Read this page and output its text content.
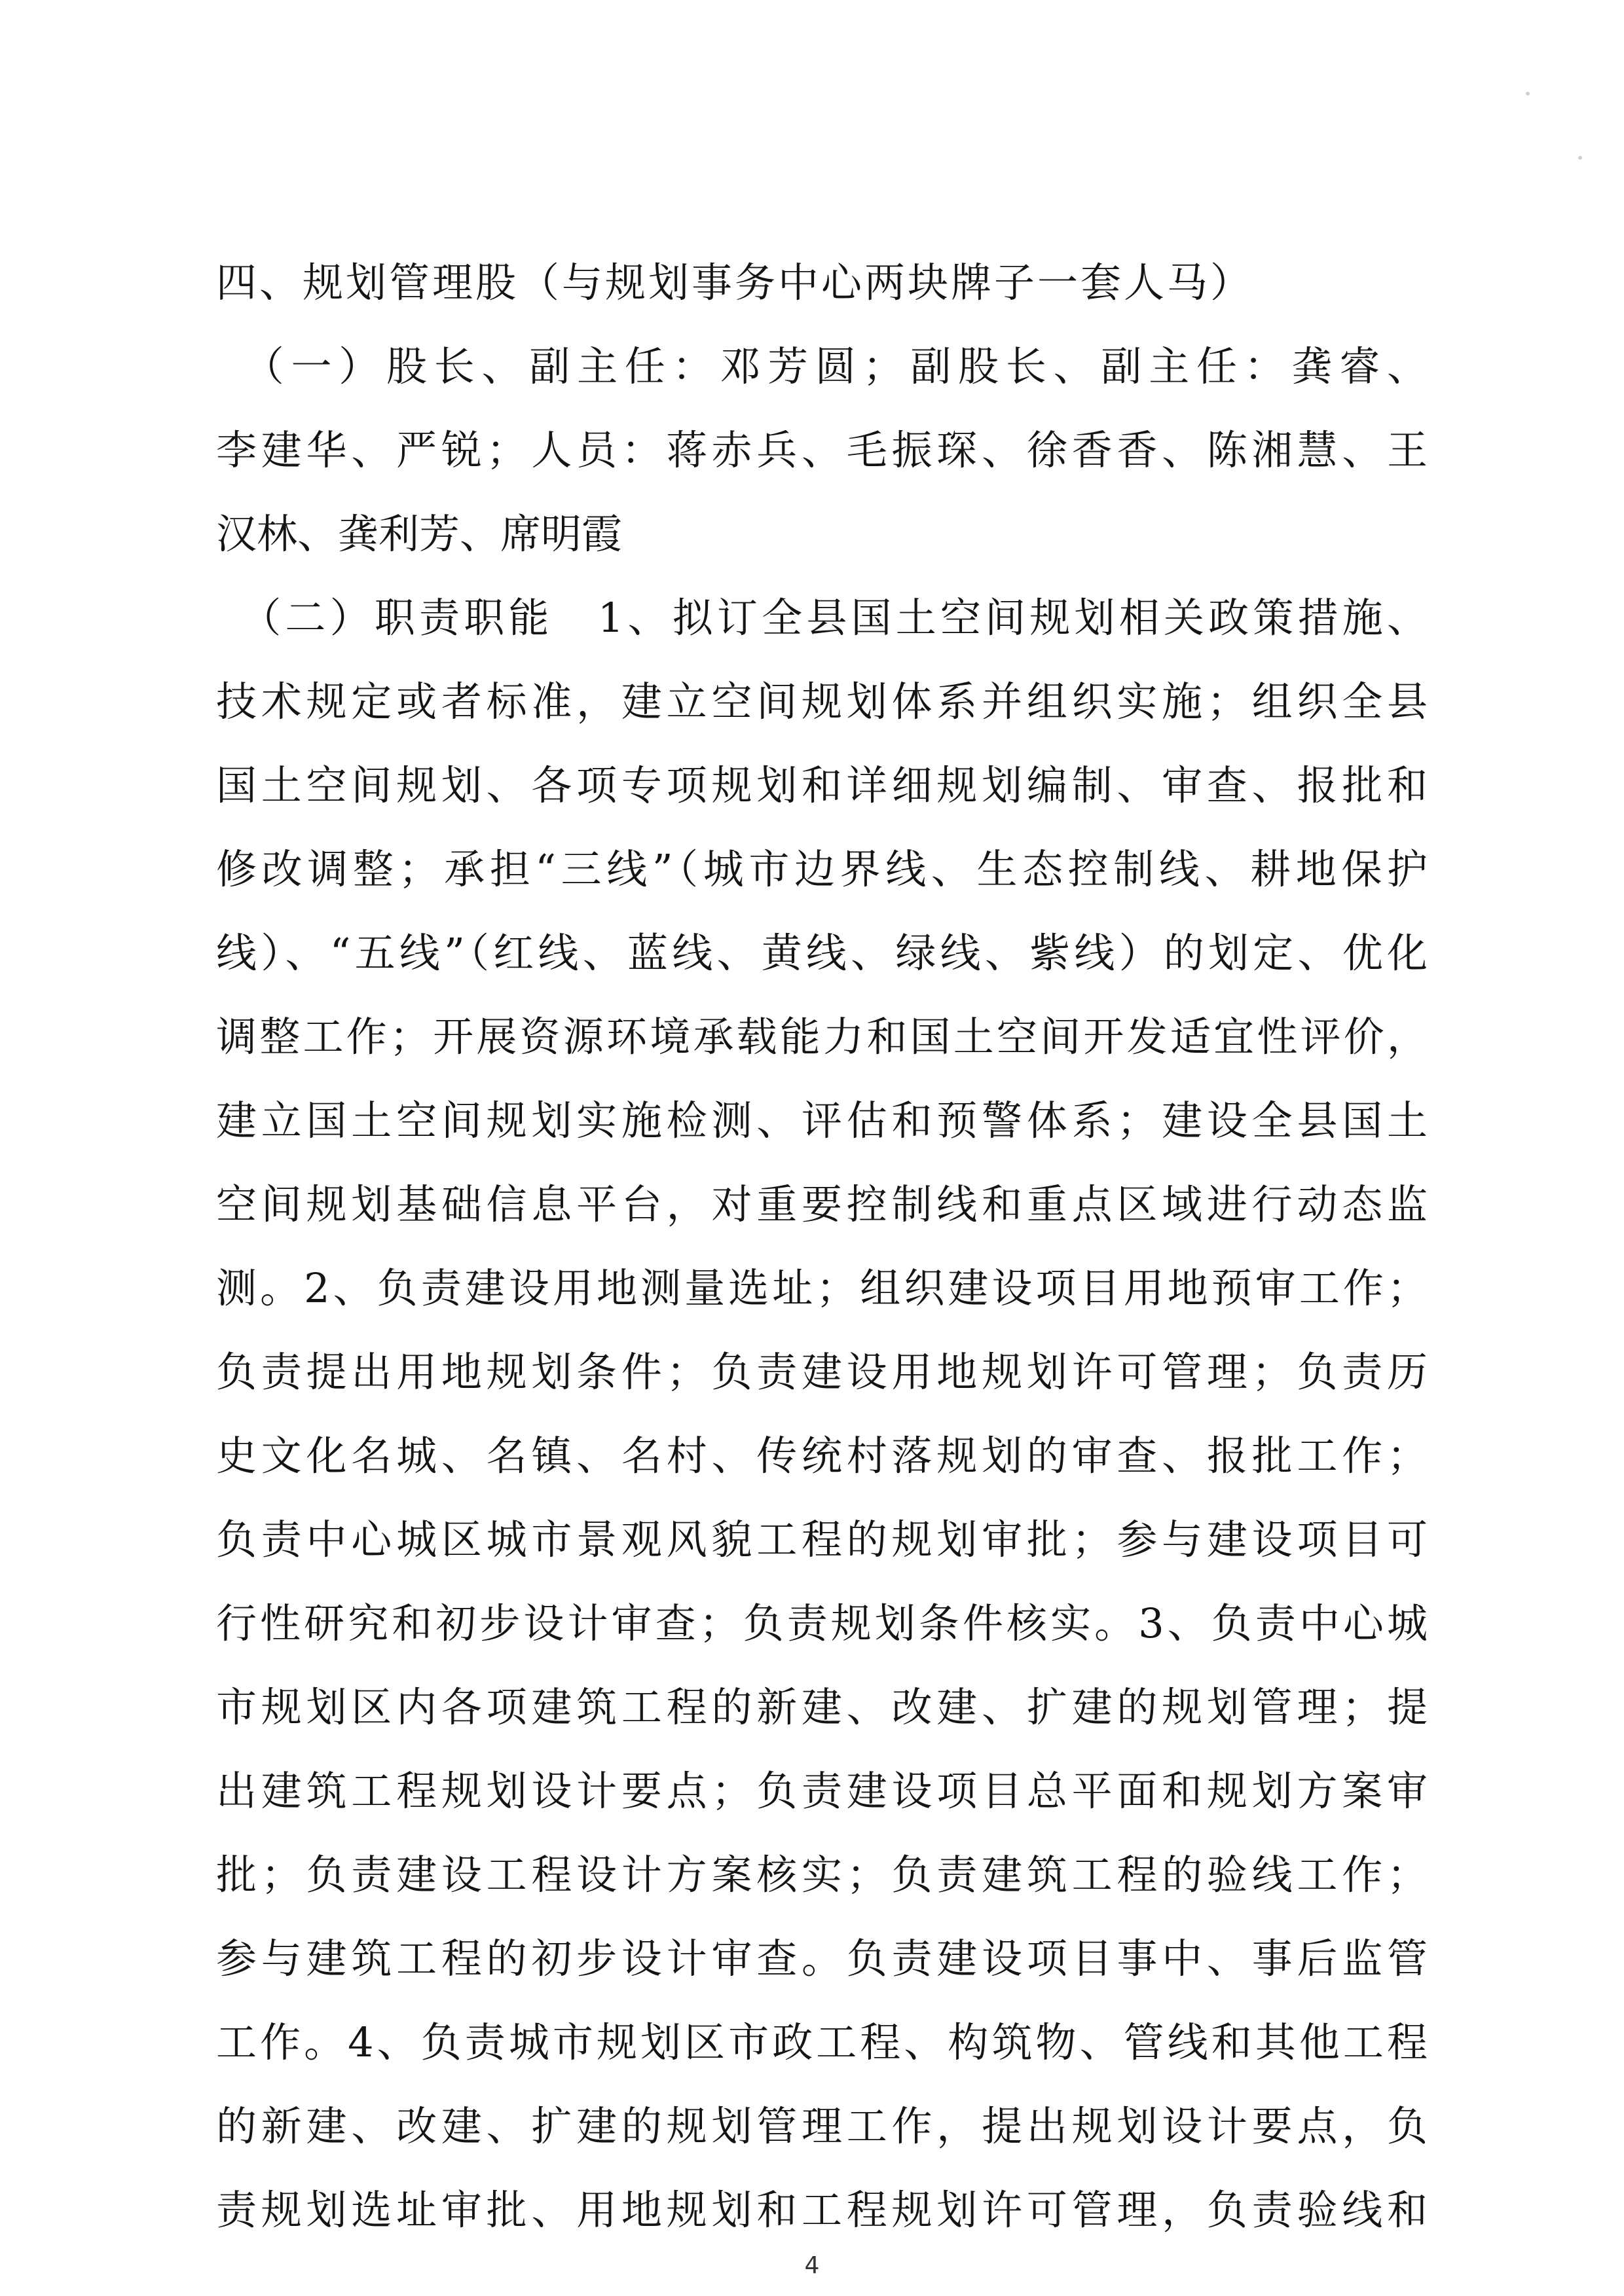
四、规划管理股（与规划事务中心两块牌子一套人马）
　（一）股长、副主任：邓芳圆；副股长、副主任：龚睿、
李建华、严锐；人员：蒋赤兵、毛振琛、徐香香、陈湘慧、王
汉林、龚利芳、席明霞
　（二）职责职能　1、拟订全县国土空间规划相关政策措施、
技术规定或者标准，建立空间规划体系并组织实施；组织全县
国土空间规划、各项专项规划和详细规划编制、审查、报批和
修改调整；承担“三线”（城市边界线、生态控制线、耕地保护
线）、“五线”（红线、蓝线、黄线、绿线、紫线）的划定、优化
调整工作；开展资源环境承载能力和国土空间开发适宜性评价，
建立国土空间规划实施检测、评估和预警体系；建设全县国土
空间规划基础信息平台，对重要控制线和重点区域进行动态监
测。2、负责建设用地测量选址；组织建设项目用地预审工作；
负责提出用地规划条件；负责建设用地规划许可管理；负责历
史文化名城、名镇、名村、传统村落规划的审查、报批工作；
负责中心城区城市景观风貌工程的规划审批；参与建设项目可
行性研究和初步设计审查；负责规划条件核实。3、负责中心城
市规划区内各项建筑工程的新建、改建、扩建的规划管理；提
出建筑工程规划设计要点；负责建设项目总平面和规划方案审
批；负责建设工程设计方案核实；负责建筑工程的验线工作；
参与建筑工程的初步设计审查。负责建设项目事中、事后监管
工作。4、负责城市规划区市政工程、构筑物、管线和其他工程
的新建、改建、扩建的规划管理工作，提出规划设计要点，负
责规划选址审批、用地规划和工程规划许可管理，负责验线和
4
